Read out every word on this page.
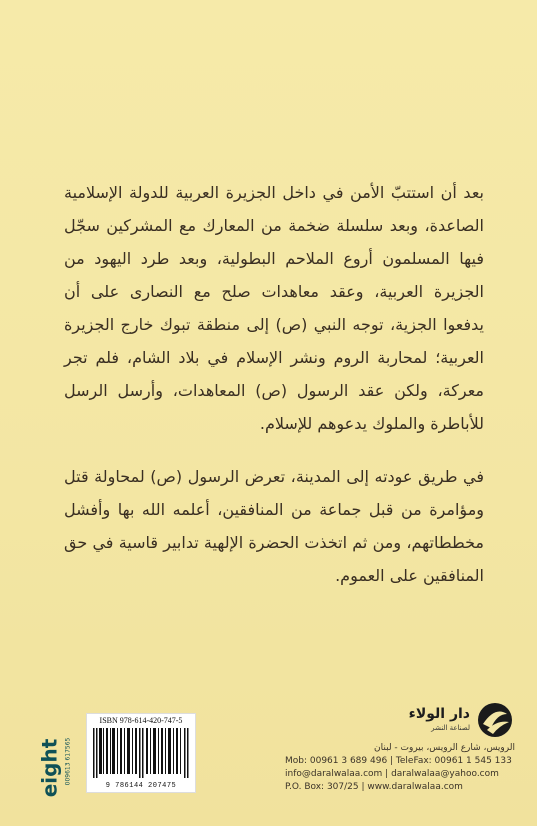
بعد أن استتبّ الأمن في داخل الجزيرة العربية للدولة الإسلامية الصاعدة، وبعد سلسلة ضخمة من المعارك مع المشركين سجّل فيها المسلمون أروع الملاحم البطولية، وبعد طرد اليهود من الجزيرة العربية، وعقد معاهدات صلح مع النصارى على أن يدفعوا الجزية، توجه النبي (ص) إلى منطقة تبوك خارج الجزيرة العربية؛ لمحاربة الروم ونشر الإسلام في بلاد الشام، فلم تجر معركة، ولكن عقد الرسول (ص) المعاهدات، وأرسل الرسل للأباطرة والملوك يدعوهم للإسلام.

في طريق عودته إلى المدينة، تعرض الرسول (ص) لمحاولة قتل ومؤامرة من قبل جماعة من المنافقين، أعلمه الله بها وأفشل مخططاتهم، ومن ثم اتخذت الحضرة الإلهية تدابير قاسية في حق المنافقين على العموم.

eight 009613 617565
ISBN 978-614-420-747-5
9 786144 207475
دار الولاء
لصناعة النشر
الرويس، شارع الرويس، بيروت - لبنان
Mob: 00961 3 689 496 | TeleFax: 00961 1 545 133
info@daralwalaa.com | daralwalaa@yahoo.com
P.O. Box: 307/25 | www.daralwalaa.com
